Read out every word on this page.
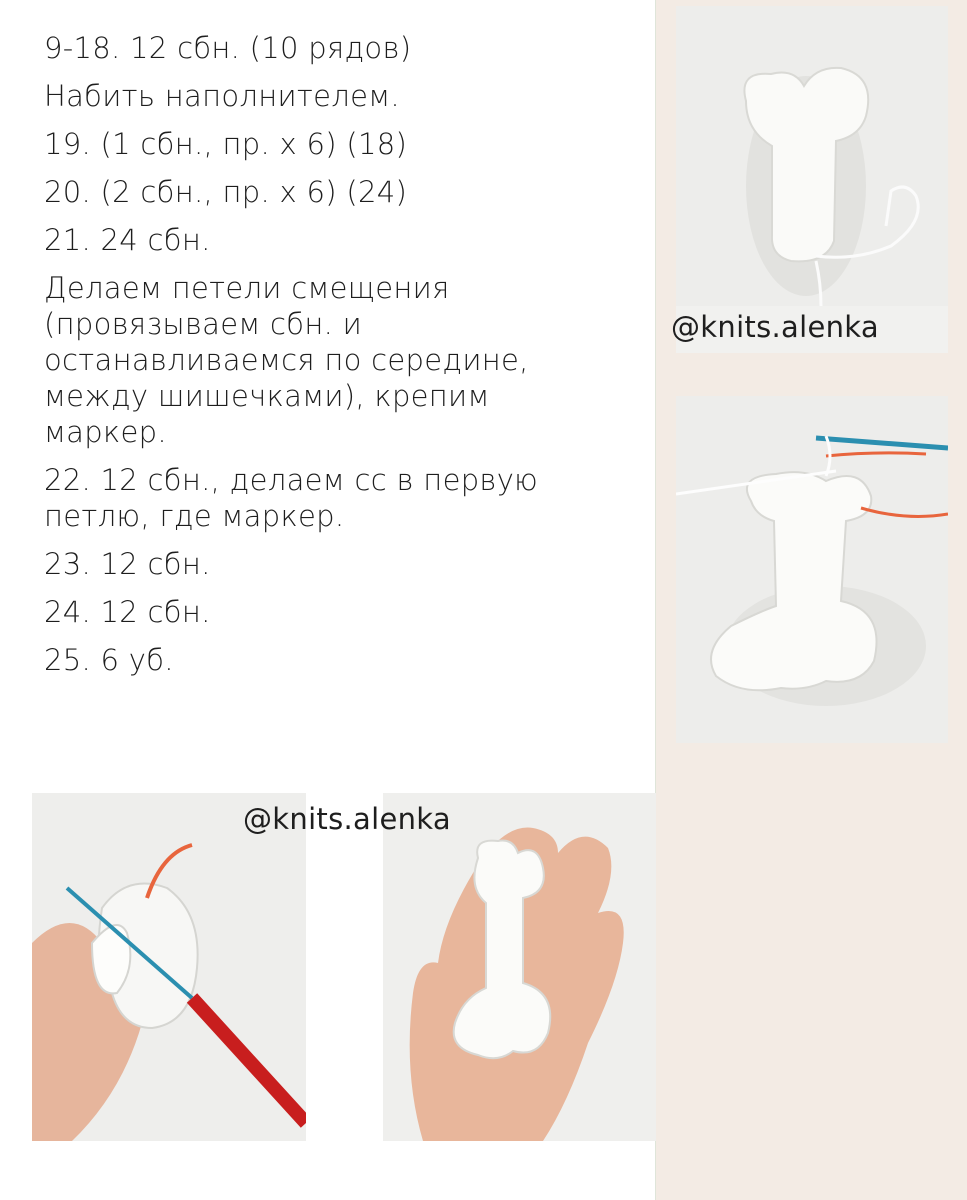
9-18. 12 сбн. (10 рядов)

Набить наполнителем.

19. (1 сбн., пр. х 6) (18)

20. (2 сбн., пр. х 6) (24)

21. 24 сбн.

Делаем петели смещения (провязываем сбн. и останавливаемся по середине, между шишечками), крепим маркер.

22. 12 сбн., делаем сс в первую петлю, где маркер.

23. 12 сбн.

24. 12 сбн.

25. 6 уб.

@knits.alenka
@knits.alenka
